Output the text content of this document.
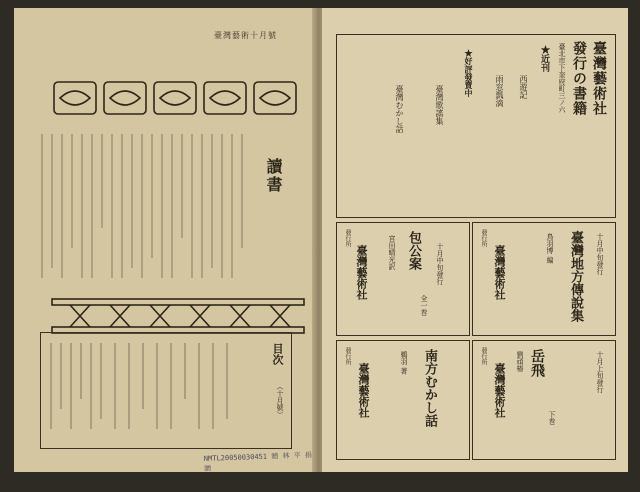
臺灣藝術十月號
讀書
目次
（十月號）
NMTL20050030451 贈 林 平 捐贈
臺灣藝術社
發行の書籍
臺北市下奎府町三ノ六
★近刊
西遊記
雨窓瓢滴
★好評發賣中
臺灣歌謠集
臺灣むかし話
包公案
全一巻
宮田晴光訳	十月中旬發行
發行所
臺灣藝術社	臺灣地方傳說集
鳥羽博 編	十月中旬發行
發行所
臺灣藝術社
南方むかし話
鵜羽 著
發行所
臺灣藝術社	岳飛
下巻
劉頑椿	十月上旬發行
發行所
臺灣藝術社
